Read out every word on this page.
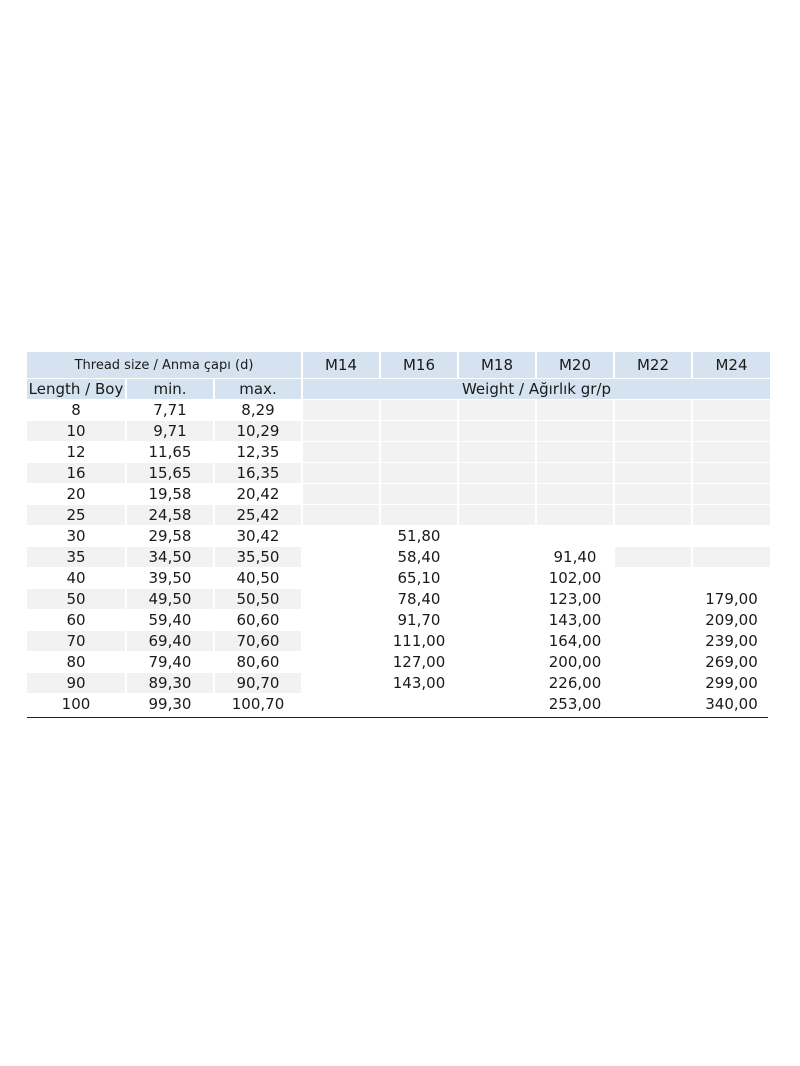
Thread size / Anma çapı (d)			M14	M16	M18	M20	M22	M24
Length / Boy	min.	max.	Weight / Ağırlık gr/p					
8	7,71	8,29						
10	9,71	10,29						
12	11,65	12,35						
16	15,65	16,35						
20	19,58	20,42						
25	24,58	25,42						
30	29,58	30,42		51,80				
35	34,50	35,50		58,40		91,40		
40	39,50	40,50		65,10		102,00		
50	49,50	50,50		78,40		123,00		179,00
60	59,40	60,60		91,70		143,00		209,00
70	69,40	70,60		111,00		164,00		239,00
80	79,40	80,60		127,00		200,00		269,00
90	89,30	90,70		143,00		226,00		299,00
100	99,30	100,70				253,00		340,00
